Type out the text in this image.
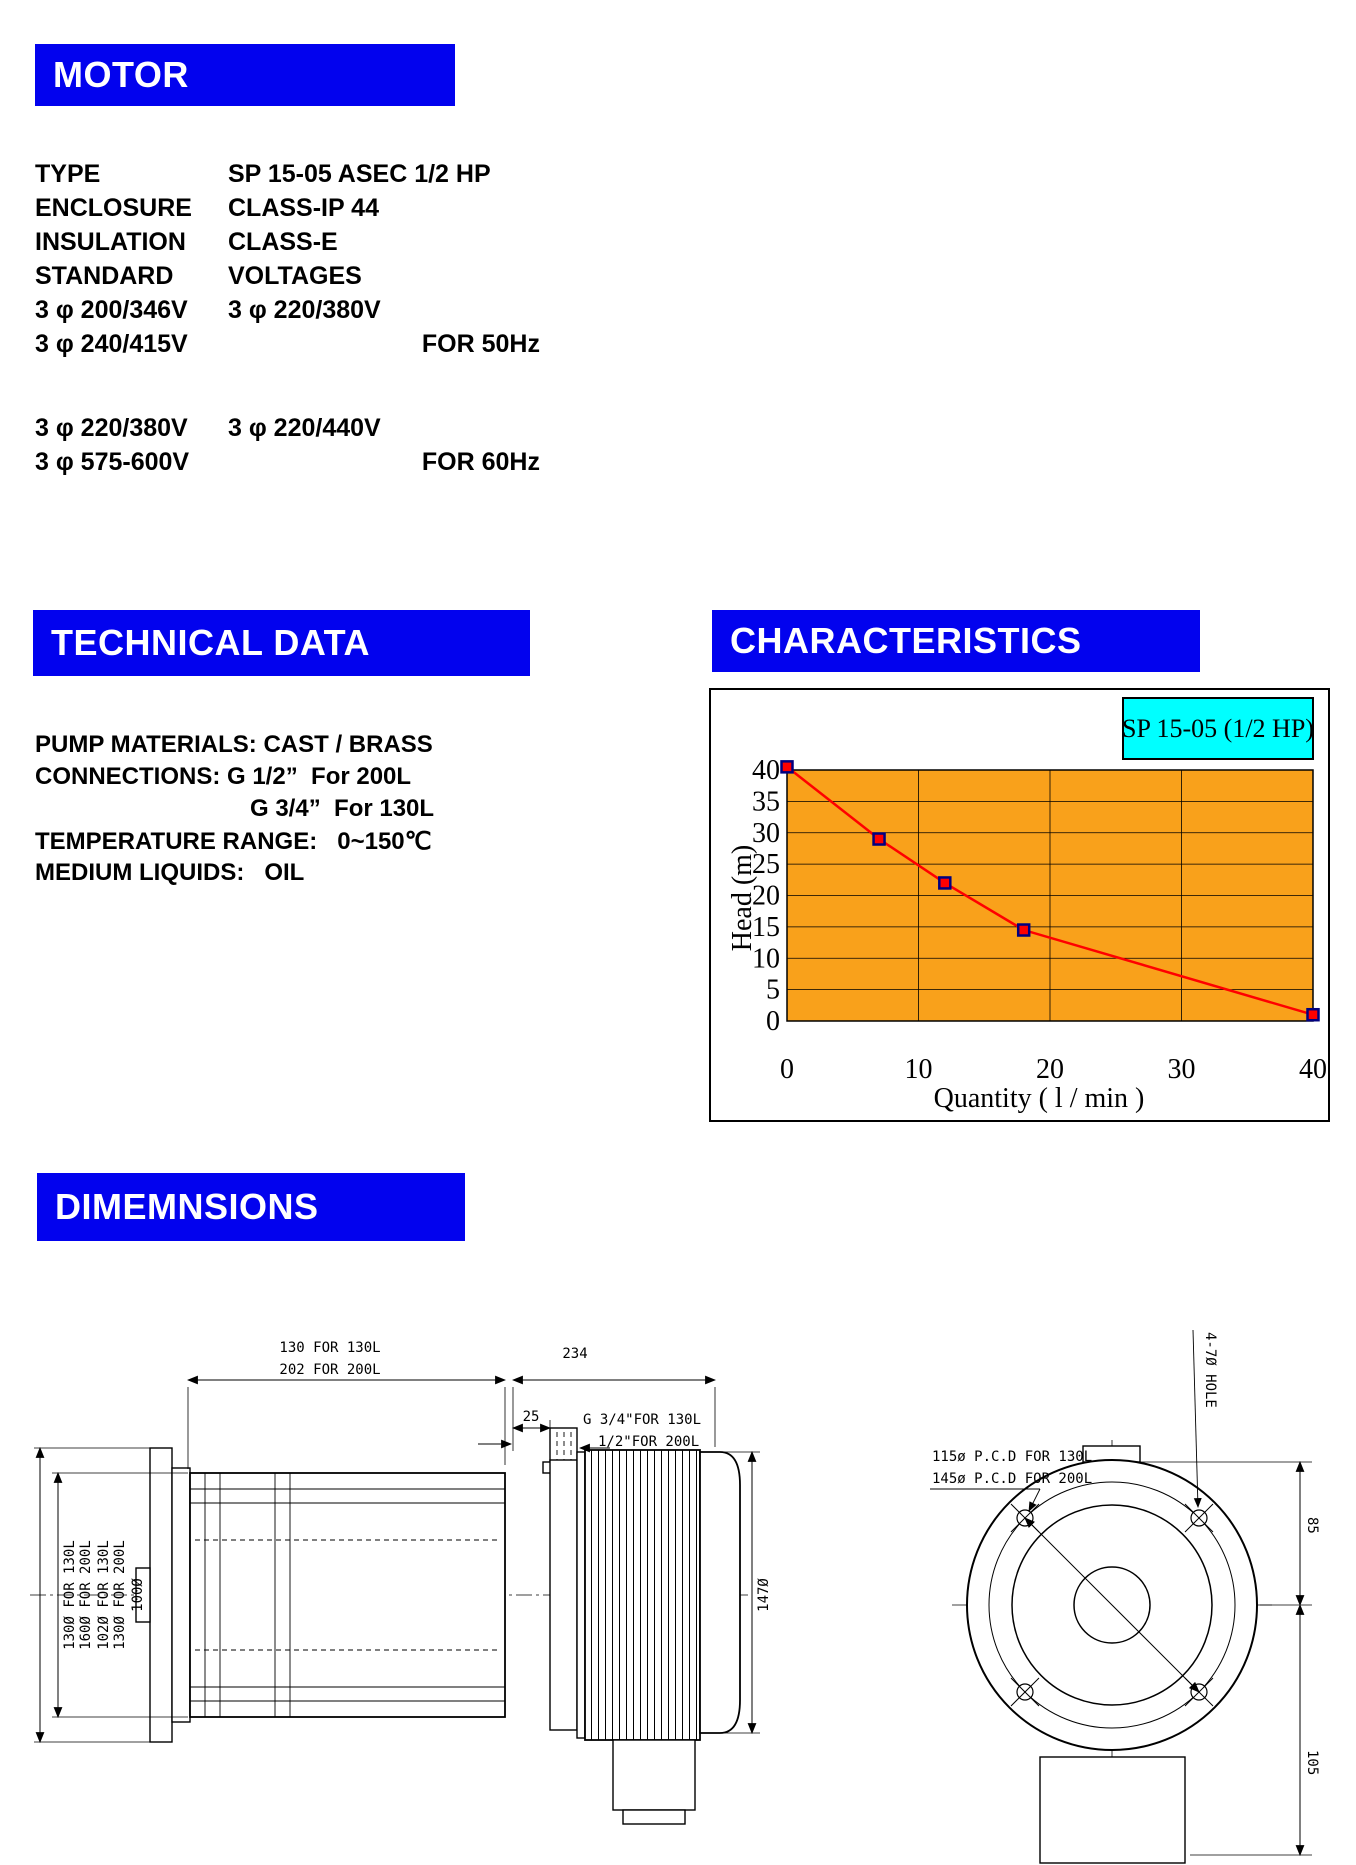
MOTOR
TYPE	SP 15-05 ASEC 1/2 HP
ENCLOSURE CLASS-IP 44
INSULATION CLASS-E
STANDARD VOLTAGES
3 φ 200/346V 3 φ 220/380V
3 φ 240/415V	FOR 50Hz
3 φ 220/380V 3 φ 220/440V
3 φ 575-600V	FOR 60Hz
TECHNICAL DATA
PUMP MATERIALS: CAST / BRASS
CONNECTIONS: G 1/2”  For 200L
G 3/4”  For 130L
TEMPERATURE RANGE:   0~150℃
MEDIUM LIQUIDS:   OIL
CHARACTERISTICS
SP 15-05 (1/2 HP)
40
35
30
25
20
15
10
5
0
0	10	20	30	40
Head (m)
Quantity ( l / min )
DIMEMNSIONS
130 FOR 130L
202 FOR 200L
234
25	G 3/4"FOR 130L
1/2"FOR 200L
130Ø FOR 130L 160Ø FOR 200L 102Ø FOR 130L 130Ø FOR 200L 100Ø	147Ø
115ø P.C.D FOR 130L
145ø P.C.D FOR 200L
4-7Ø HOLE
85
105
